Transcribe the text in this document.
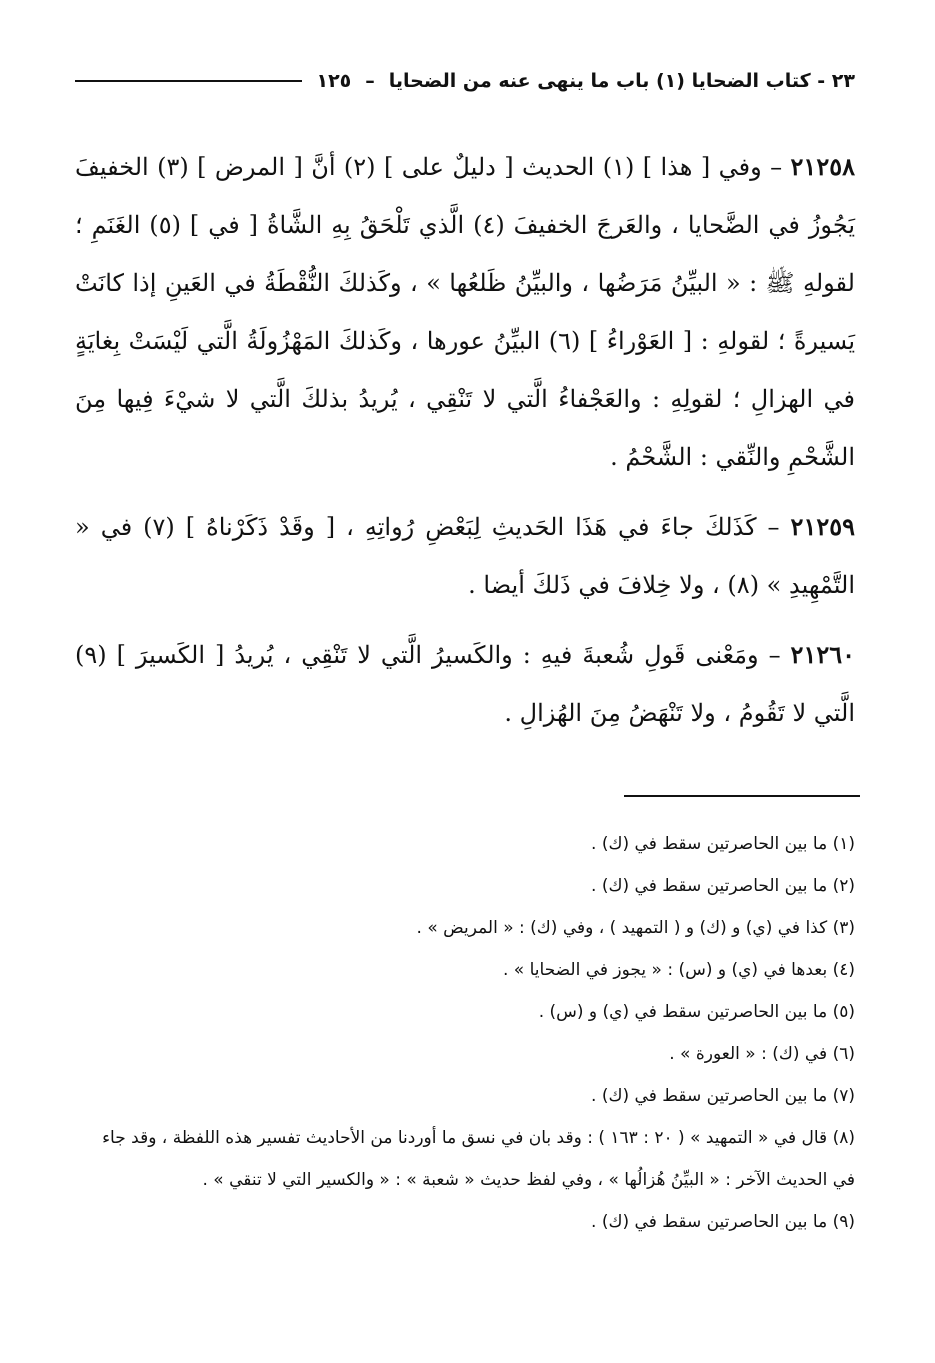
٢٣ - كتاب الضحايا (١) باب ما ينهى عنه من الضحايا
–
١٢٥

٢١٢٥٨ – وفي [ هذا ] (١) الحديث [ دليلٌ على ] (٢) أنَّ [ المرض ] (٣) الخفيفَ يَجُوزُ في الضَّحايا ، والعَرجَ الخفيفَ (٤) الَّذي تَلْحَقُ بِهِ الشَّاةُ [ في ] (٥) الغَنَمِ ؛ لقولهِ ﷺ : « البيِّنُ مَرَضُها ، والبيِّنُ ظَلعُها » ، وكَذلكَ النُّقْطَةُ في العَينِ إذا كانَتْ يَسيرةً ؛ لقولهِ : [ العَوْراءُ ] (٦) البيِّنُ عورها ، وكَذلكَ المَهْزُولَةُ الَّتي لَيْسَتْ بِغايَةٍ في الهزالِ ؛ لقولِهِ : والعَجْفاءُ الَّتي لا تَنْقِي ، يُريدُ بذلكَ الَّتي لا شيْءَ فِيها مِنَ الشَّحْمِ والنِّقي : الشَّحْمُ .

٢١٢٥٩ – كَذَلكَ جاءَ في هَذَا الحَديثِ لِبَعْضِ رُواتِهِ ، [ وقَدْ ذَكَرْناهُ ] (٧) في « التَّمْهِيدِ » (٨) ، ولا خِلافَ في ذَلكَ أيضا .

٢١٢٦٠ – ومَعْنى قَولِ شُعبةَ فيهِ : والكَسيرُ الَّتي لا تَنْقِي ، يُريدُ [ الكَسيرَ ] (٩) الَّتي لا تَقُومُ ، ولا تَنْهَضُ مِنَ الهُزالِ .

(١) ما بين الحاصرتين سقط في (ك) .

(٢) ما بين الحاصرتين سقط في (ك) .

(٣) كذا في (ي) و (ك) و ( التمهيد ) ، وفي (ك) : « المريض » .

(٤) بعدها في (ي) و (س) : « يجوز في الضحايا » .

(٥) ما بين الحاصرتين سقط في (ي) و (س) .

(٦) في (ك) : « العورة » .

(٧) ما بين الحاصرتين سقط في (ك) .

(٨) قال في « التمهيد » ( ٢٠ : ١٦٣ ) : وقد بان في نسق ما أوردنا من الأحاديث تفسير هذه اللفظة ، وقد جاء في الحديث الآخر : « البيِّنُ هُزالُها » ، وفي لفظ حديث « شعبة » : « والكسير التي لا تنقي » .

(٩) ما بين الحاصرتين سقط في (ك) .
